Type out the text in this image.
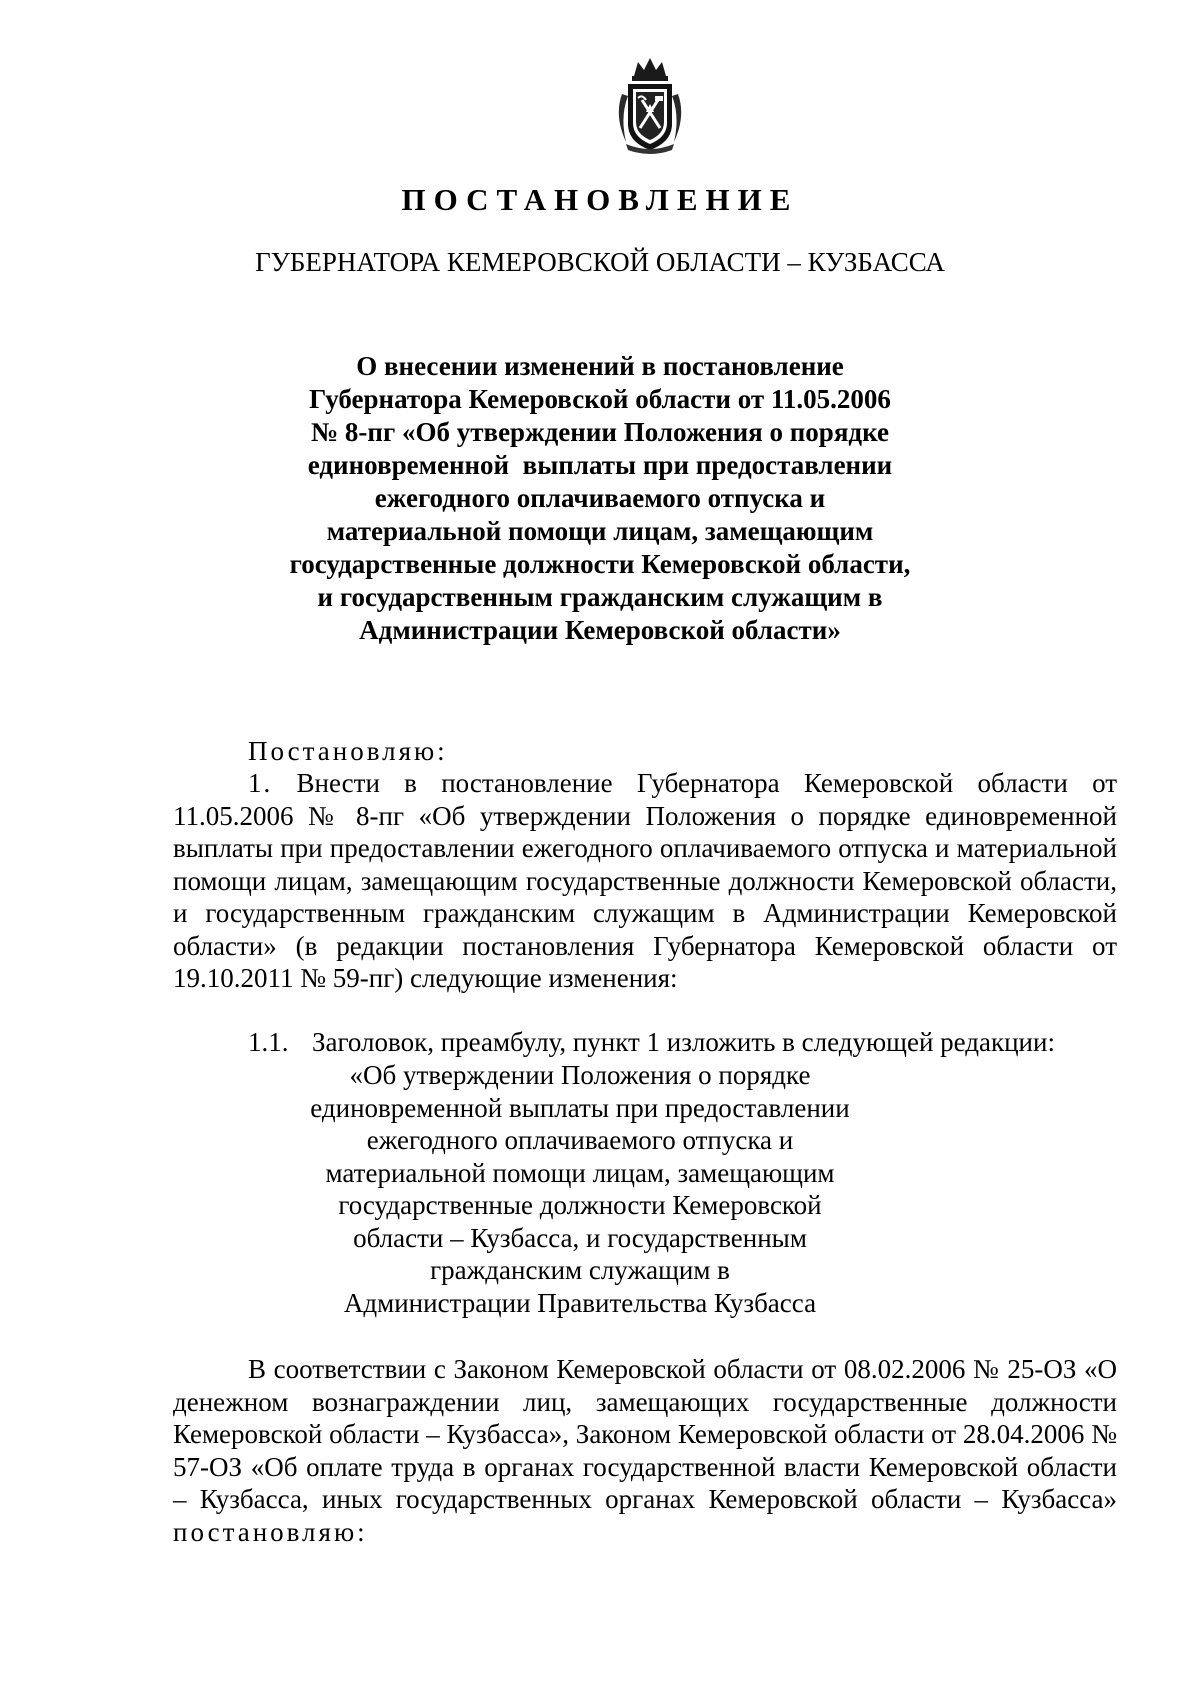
ПОСТАНОВЛЕНИЕ
ГУБЕРНАТОРА КЕМЕРОВСКОЙ ОБЛАСТИ – КУЗБАССА
О внесении изменений в постановление
Губернатора Кемеровской области от 11.05.2006
№ 8-пг «Об утверждении Положения о порядке
единовременной  выплаты при предоставлении
ежегодного оплачиваемого отпуска и
материальной помощи лицам, замещающим
государственные должности Кемеровской области,
и государственным гражданским служащим в
Администрации Кемеровской области»
Постановляю:
1. Внести в постановление Губернатора Кемеровской области от 11.05.2006 № 8-пг «Об утверждении Положения о порядке единовременной выплаты при предоставлении ежегодного оплачиваемого отпуска и материальной помощи лицам, замещающим государственные должности Кемеровской области, и государственным гражданским служащим в Администрации Кемеровской области» (в редакции постановления Губернатора Кемеровской области от 19.10.2011 № 59-пг) следующие изменения:
1.1. Заголовок, преамбулу, пункт 1 изложить в следующей редакции:
«Об утверждении Положения о порядке
единовременной выплаты при предоставлении
ежегодного оплачиваемого отпуска и
материальной помощи лицам, замещающим
государственные должности Кемеровской
области – Кузбасса, и государственным
гражданским служащим в
Администрации Правительства Кузбасса
В соответствии с Законом Кемеровской области от 08.02.2006 № 25-ОЗ «О денежном вознаграждении лиц, замещающих государственные должности Кемеровской области – Кузбасса», Законом Кемеровской области от 28.04.2006 № 57-ОЗ «Об оплате труда в органах государственной власти Кемеровской области – Кузбасса, иных государственных органах Кемеровской области – Кузбасса» постановляю:
